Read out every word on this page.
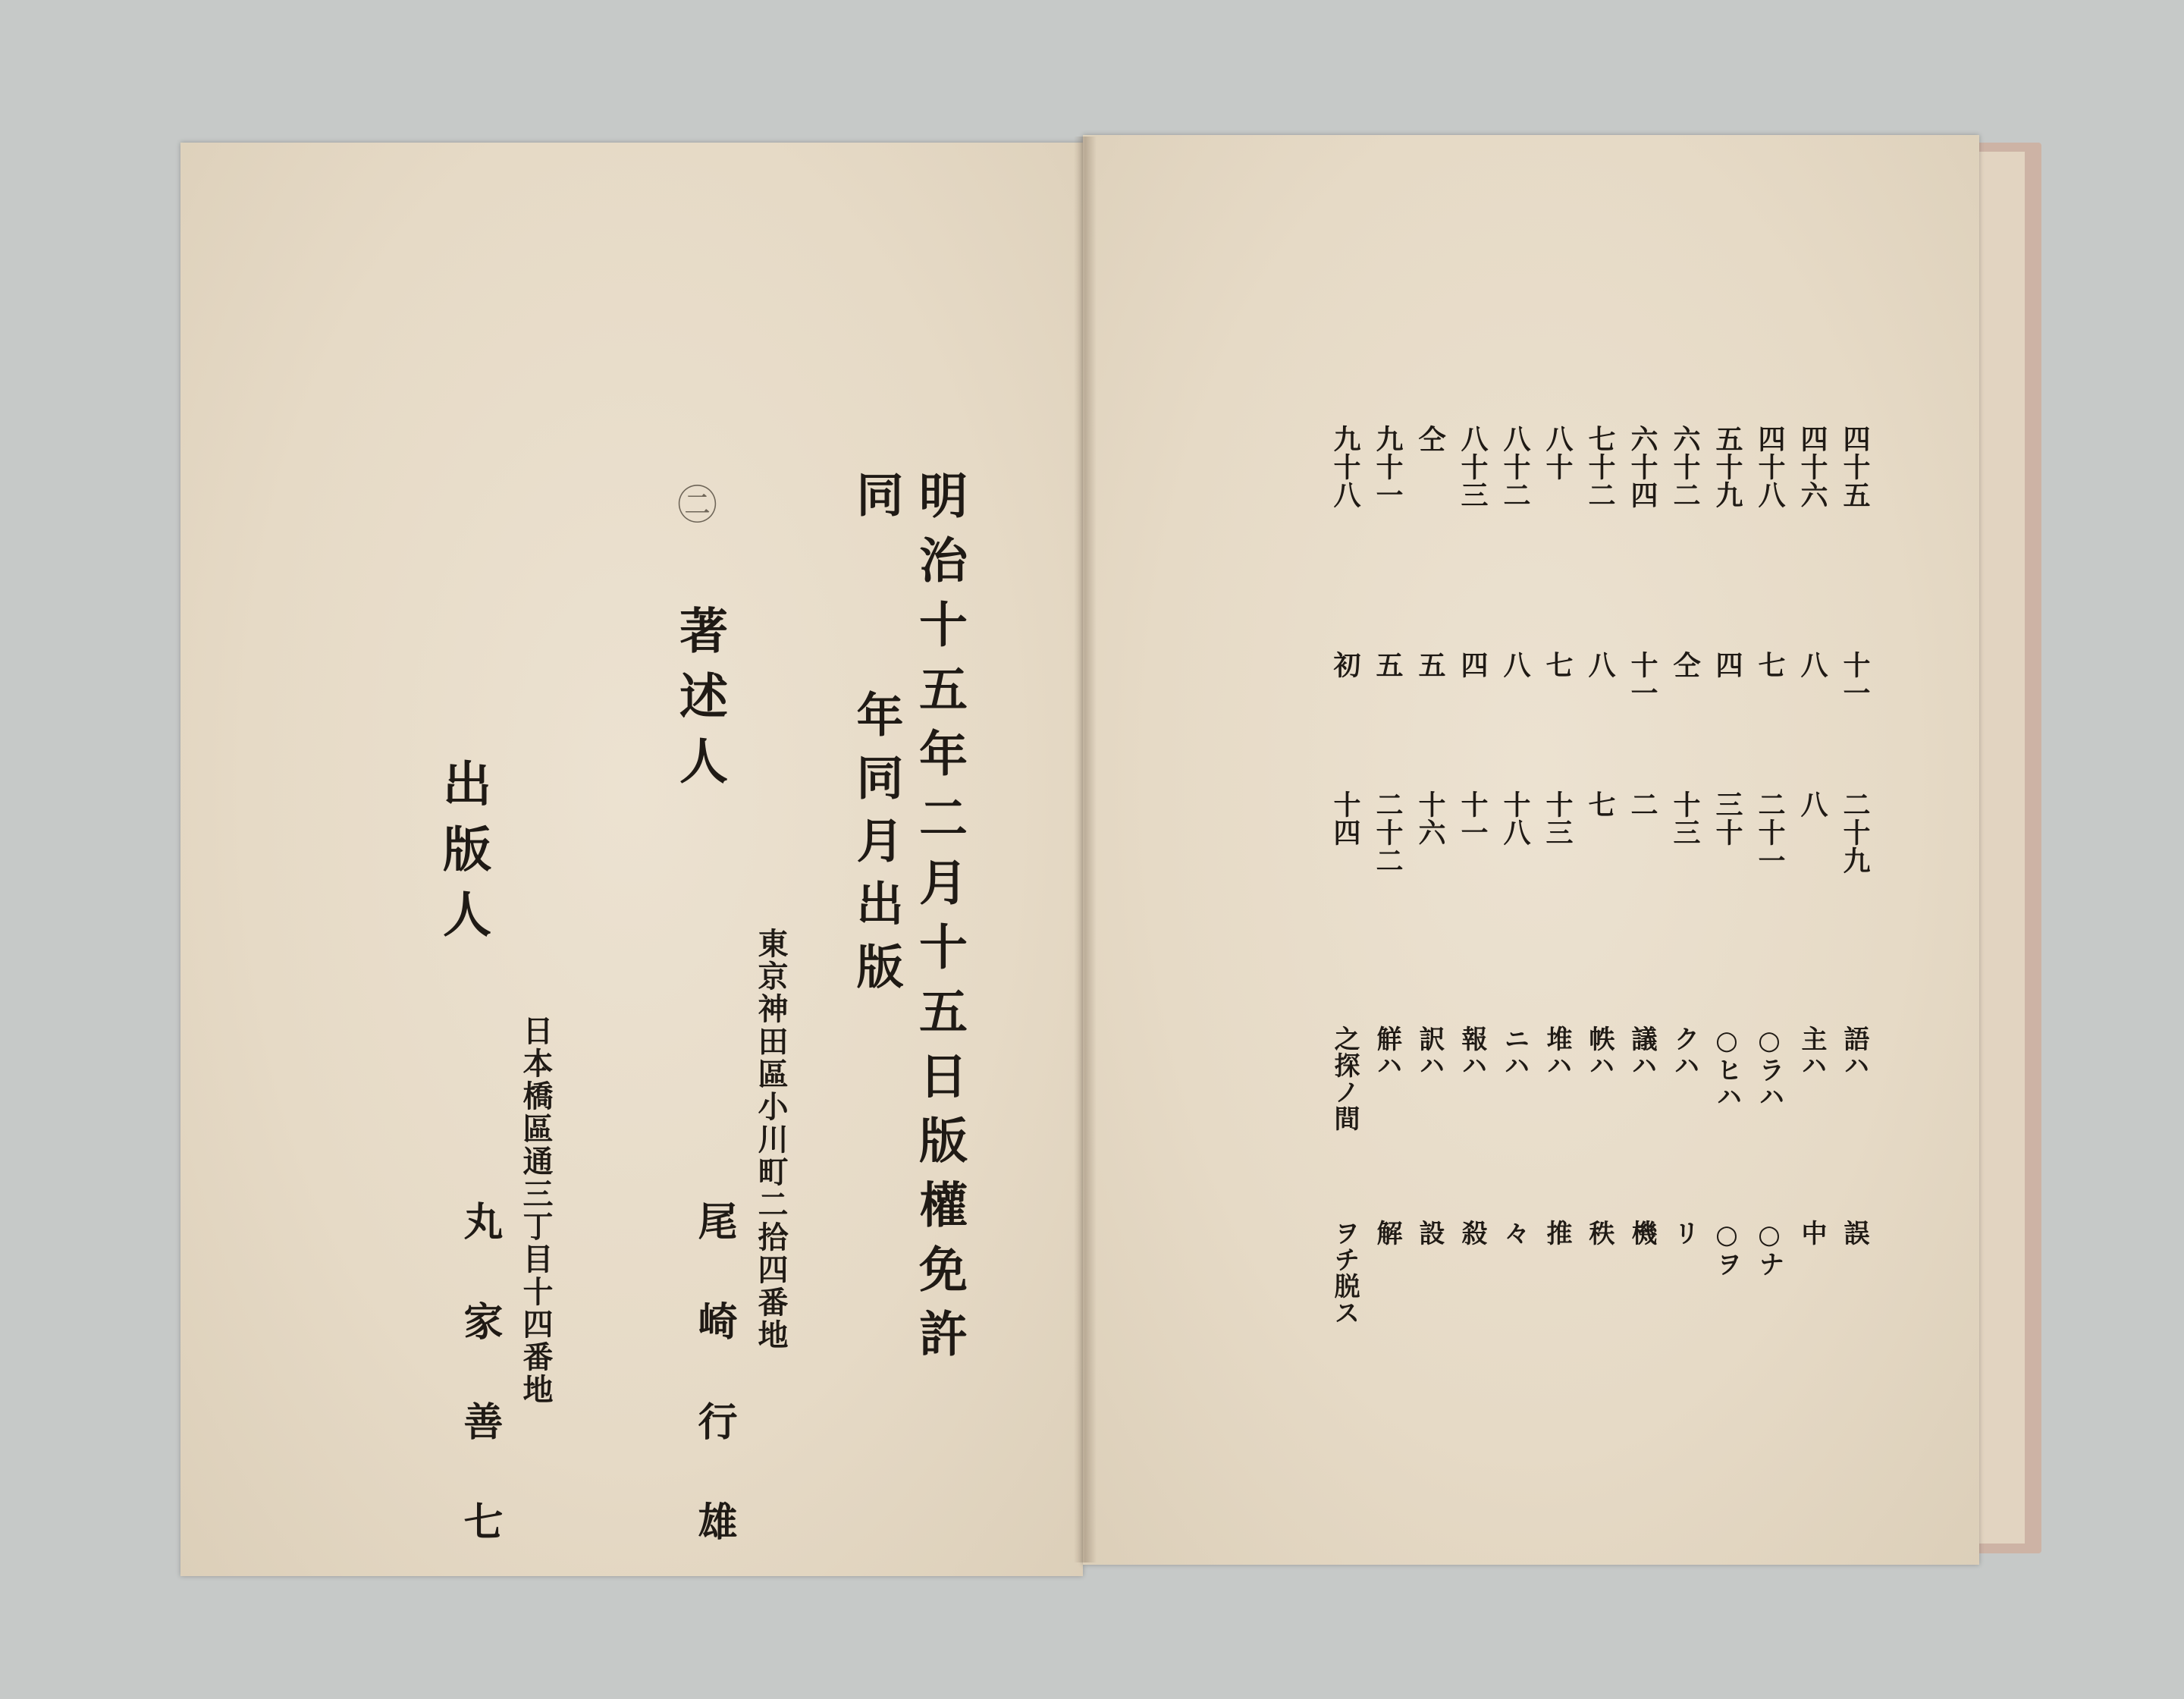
明治十五年二月十五日版權免許
同
年同月出版
㊁
著述人
東京神田區小川町二拾四番地
尾　崎　行　雄
出版人
日本橋區通三丁目十四番地
丸　家　善　七
四十五
十一
二十九
語ハ
誤
四十六
八
八
主ハ
中
四十八
七
二十一
○ラハ
○ナ
五十九
四
三十
○ヒハ
○ヲ
六十二
仝
十三
クハ
リ
六十四
十一
二
議ハ
機
七十二
八
七
帙ハ
秩
八十
七
十三
堆ハ
推
八十二
八
十八
ニハ
々
八十三
四
十一
報ハ
殺
仝
五
十六
訳ハ
設
九十一
五
二十二
觧ハ
解
九十八
初
十四
之探ノ間
ヲチ脱ス
